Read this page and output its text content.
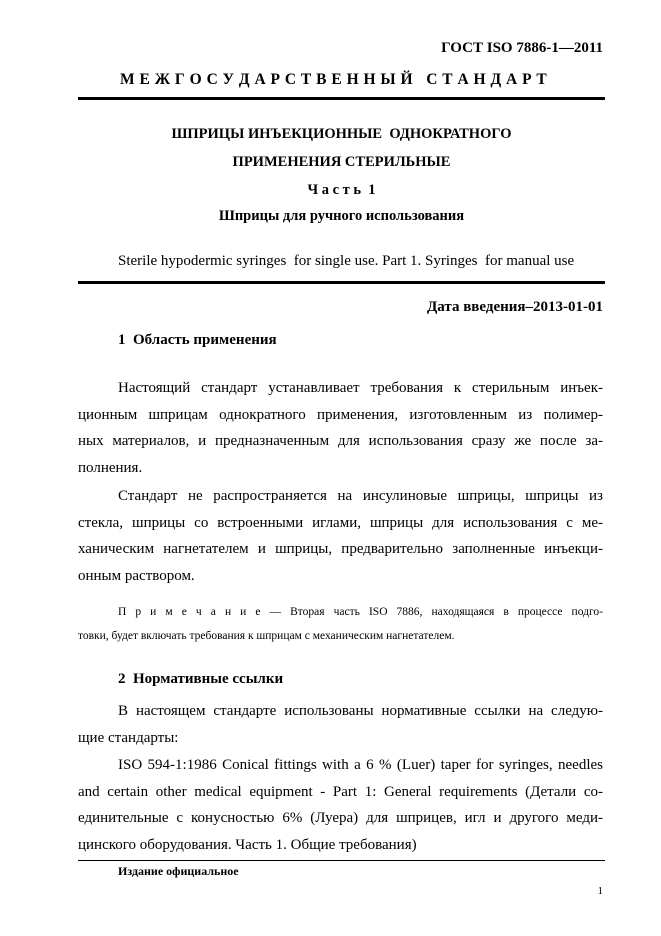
ГОСТ ISO 7886-1—2011
М Е Ж Г О С У Д А Р С Т В Е Н Н Ы Й   С Т А Н Д А Р Т
ШПРИЦЫ ИНЪЕКЦИОННЫЕ  ОДНОКРАТНОГО
ПРИМЕНЕНИЯ СТЕРИЛЬНЫЕ
Ч а с т ь  1
Шприцы для ручного использования
Sterile hypodermic syringes  for single use. Part 1. Syringes  for manual use
Дата введения–2013-01-01
1  Область применения
Настоящий стандарт устанавливает требования к стерильным инъек-
ционным шприцам однократного применения, изготовленным из полимер-
ных материалов, и предназначенным для использования сразу же после за-
полнения.
Стандарт не распространяется на инсулиновые шприцы, шприцы из
стекла, шприцы со встроенными иглами, шприцы для использования с ме-
ханическим нагнетателем и шприцы, предварительно заполненные инъекци-
онным раствором.
П р и м е ч а н и е — Вторая часть ISO 7886, находящаяся в процессе подго-
товки, будет включать требования к шприцам с механическим нагнетателем.
2  Нормативные ссылки
В настоящем стандарте использованы нормативные ссылки на следую-
щие стандарты:
ISO 594-1:1986 Conical fittings with a 6 % (Luer) taper for syringes, needles
and certain other medical equipment - Part 1: General requirements (Детали со-
единительные с конусностью 6% (Луера) для шприцев, игл и другого меди-
цинского оборудования. Часть 1. Общие требования)
Издание официальное
1
